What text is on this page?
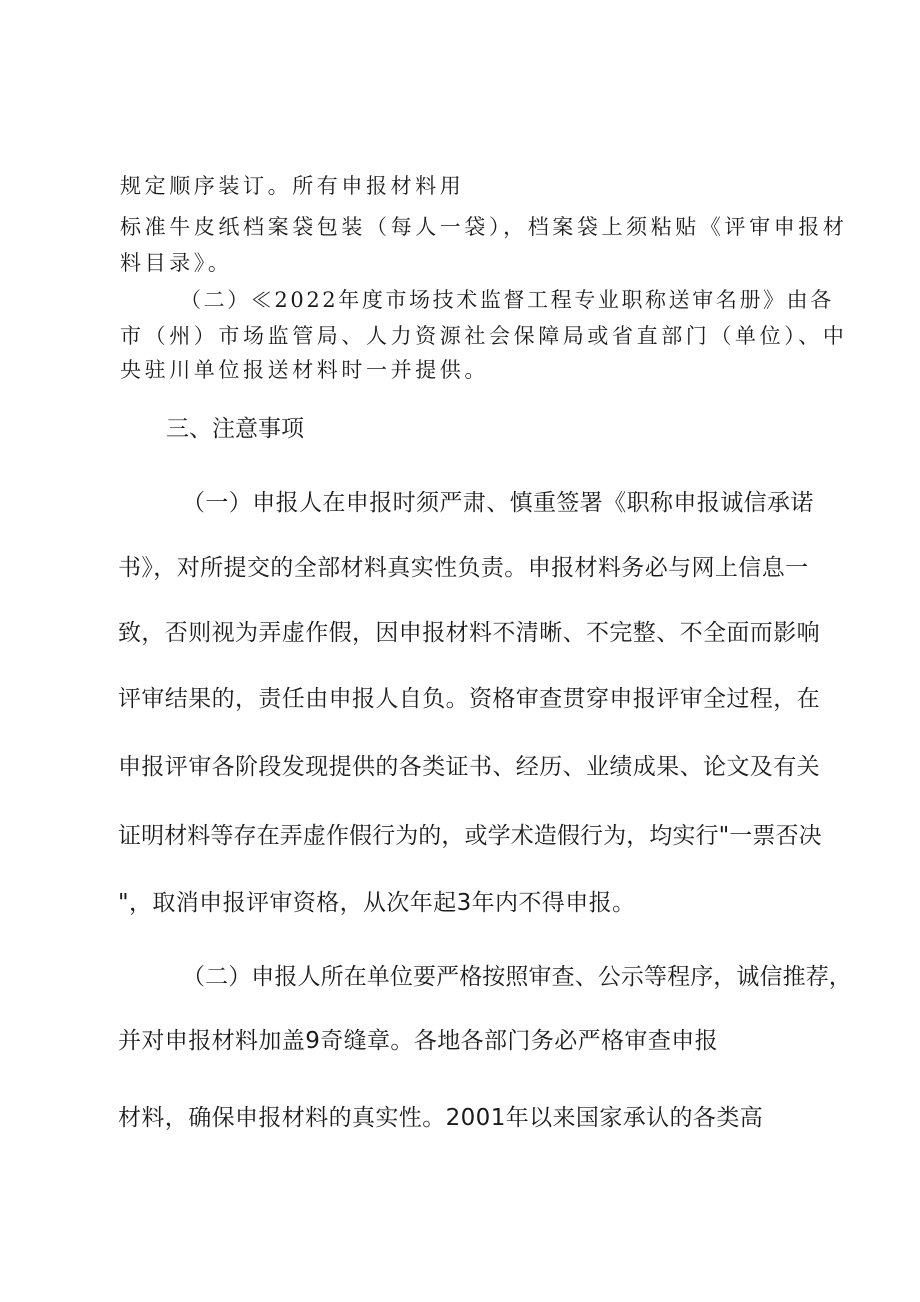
规定顺序装订。所有申报材料用

标准牛皮纸档案袋包装（每人一袋），档案袋上须粘贴《评审申报材

料目录》。

（二）≪2022年度市场技术监督工程专业职称送审名册》由各

市（州）市场监管局、人力资源社会保障局或省直部门（单位）、中

央驻川单位报送材料时一并提供。

三、注意事项

（一）申报人在申报时须严肃、慎重签署《职称申报诚信承诺

书》，对所提交的全部材料真实性负责。申报材料务必与网上信息一

致，否则视为弄虚作假，因申报材料不清晰、不完整、不全面而影响

评审结果的，责任由申报人自负。资格审查贯穿申报评审全过程，在

申报评审各阶段发现提供的各类证书、经历、业绩成果、论文及有关

证明材料等存在弄虚作假行为的，或学术造假行为，均实行"一票否决

"，取消申报评审资格，从次年起3年内不得申报。

（二）申报人所在单位要严格按照审查、公示等程序，诚信推荐，

并对申报材料加盖9奇缝章。各地各部门务必严格审查申报

材料，确保申报材料的真实性。2001年以来国家承认的各类高
